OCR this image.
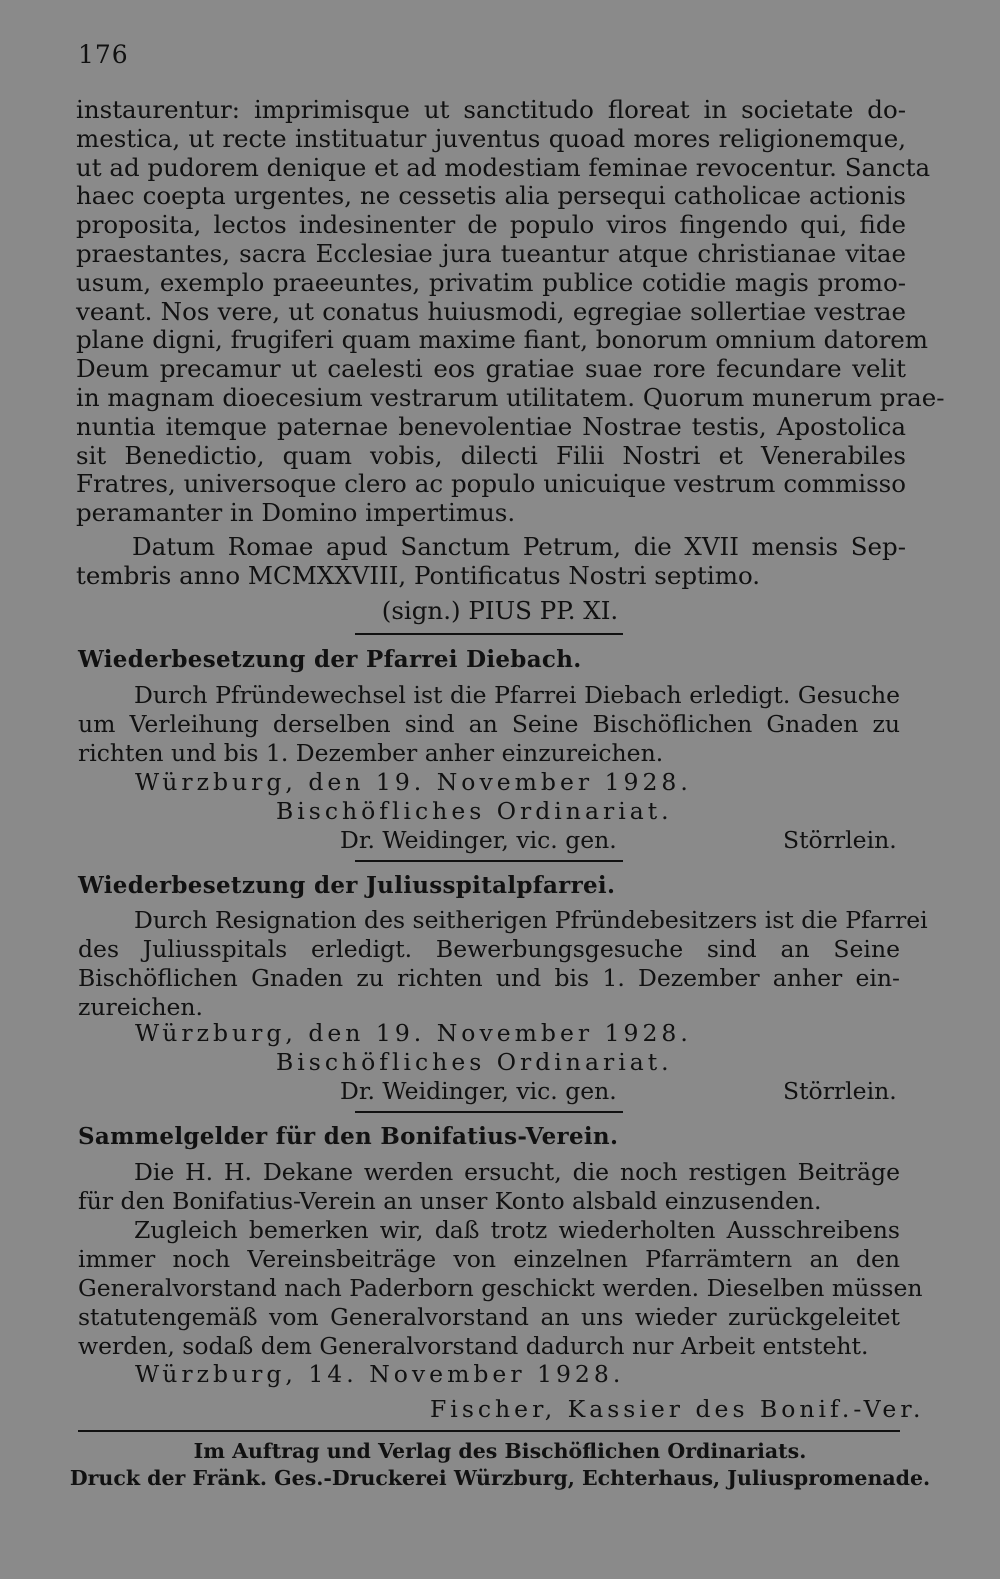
176
instaurentur: imprimisque ut sanctitudo floreat in societate do-
mestica, ut recte instituatur juventus quoad mores religionemque,
ut ad pudorem denique et ad modestiam feminae revocentur. Sancta
haec coepta urgentes, ne cessetis alia persequi catholicae actionis
proposita, lectos indesinenter de populo viros fingendo qui, fide
praestantes, sacra Ecclesiae jura tueantur atque christianae vitae
usum, exemplo praeeuntes, privatim publice cotidie magis promo-
veant. Nos vere, ut conatus huiusmodi, egregiae sollertiae vestrae
plane digni, frugiferi quam maxime fiant, bonorum omnium datorem
Deum precamur ut caelesti eos gratiae suae rore fecundare velit
in magnam dioecesium vestrarum utilitatem. Quorum munerum prae-
nuntia itemque paternae benevolentiae Nostrae testis, Apostolica
sit Benedictio, quam vobis, dilecti Filii Nostri et Venerabiles
Fratres, universoque clero ac populo unicuique vestrum commisso
peramanter in Domino impertimus.
Datum Romae apud Sanctum Petrum, die XVII mensis Sep-
tembris anno MCMXXVIII, Pontificatus Nostri septimo.
(sign.) PIUS PP. XI.
Wiederbesetzung der Pfarrei Diebach.
Durch Pfründewechsel ist die Pfarrei Diebach erledigt. Gesuche
um Verleihung derselben sind an Seine Bischöflichen Gnaden zu
richten und bis 1. Dezember anher einzureichen.
Würzburg, den 19. November 1928.
Bischöfliches Ordinariat.
Dr. Weidinger, vic. gen.	Störrlein.
Wiederbesetzung der Juliusspitalpfarrei.
Durch Resignation des seitherigen Pfründebesitzers ist die Pfarrei
des Juliusspitals erledigt. Bewerbungsgesuche sind an Seine
Bischöflichen Gnaden zu richten und bis 1. Dezember anher ein-
zureichen.
Würzburg, den 19. November 1928.
Bischöfliches Ordinariat.
Dr. Weidinger, vic. gen.	Störrlein.
Sammelgelder für den Bonifatius-Verein.
Die H. H. Dekane werden ersucht, die noch restigen Beiträge
für den Bonifatius-Verein an unser Konto alsbald einzusenden.
Zugleich bemerken wir, daß trotz wiederholten Ausschreibens
immer noch Vereinsbeiträge von einzelnen Pfarrämtern an den
Generalvorstand nach Paderborn geschickt werden. Dieselben müssen
statutengemäß vom Generalvorstand an uns wieder zurückgeleitet
werden, sodaß dem Generalvorstand dadurch nur Arbeit entsteht.
Würzburg, 14. November 1928.
Fischer, Kassier des Bonif.-Ver.
Im Auftrag und Verlag des Bischöflichen Ordinariats.
Druck der Fränk. Ges.-Druckerei Würzburg, Echterhaus, Juliuspromenade.
